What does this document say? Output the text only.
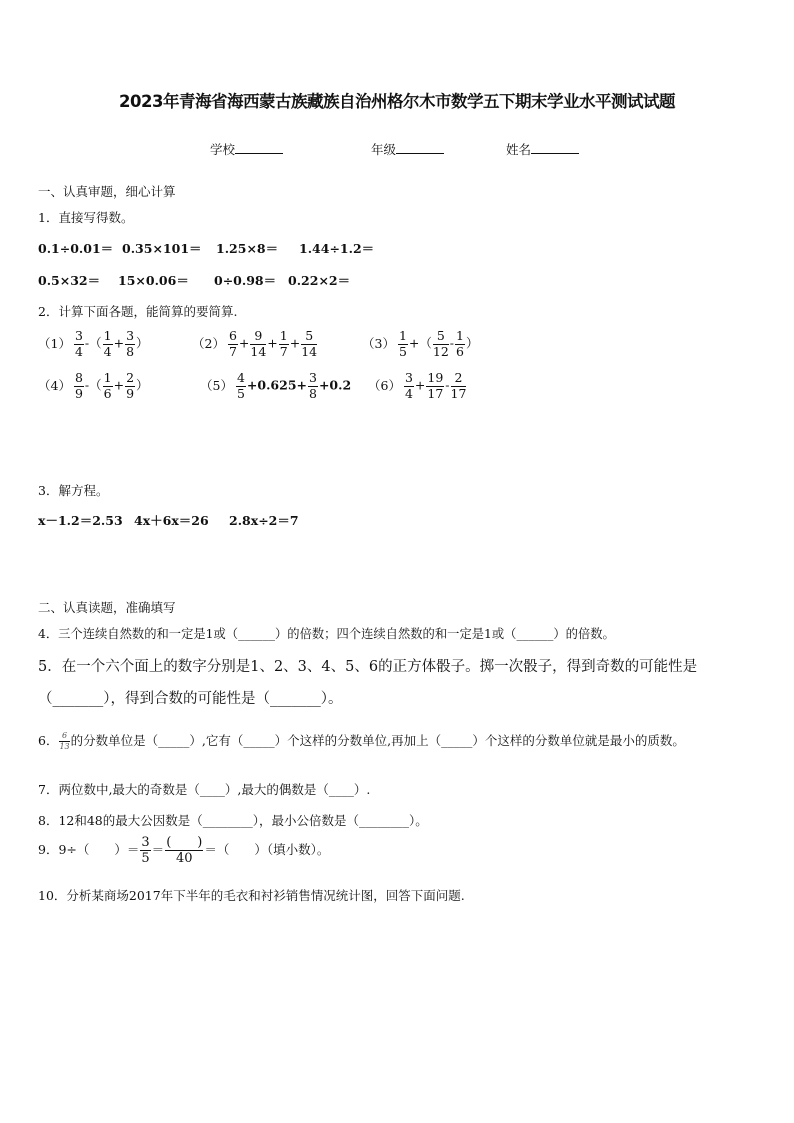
2023年青海省海西蒙古族藏族自治州格尔木市数学五下期末学业水平测试试题
学校	年级	姓名
一、认真审题，细心计算
1．直接写得数。
0.1÷0.01＝ 0.35×101＝ 1.25×8＝ 1.44÷1.2＝
0.5×32＝ 15×0.06＝ 0÷0.98＝ 0.22×2＝
2．计算下面各题，能简算的要简算.
$(1) \frac{3}{4}$ -（ $\frac{1}{4} + \frac{3}{8}$ ）	$(2) \frac{6}{7} + \frac{9}{14} + \frac{1}{7} + \frac{5}{14}$	$(3) \frac{1}{5}$ +（ $\frac{5}{12} - \frac{1}{6}$ ）
$(4) \frac{8}{9}$ -（ $\frac{1}{6} + \frac{2}{9}$ ）	$(5) \frac{4}{5} +0.625+ \frac{3}{8} +0.2$ $(6) \frac{3}{4} + \frac{19}{17} - \frac{2}{17}$
3．解方程。
x－1.2＝2.53 4x＋6x＝26 2.8x÷2＝7
二、认真读题，准确填写
4．三个连续自然数的和一定是1或（______）的倍数；四个连续自然数的和一定是1或（______）的倍数。
5．在一个六个面上的数字分别是1、2、3、4、5、6的正方体骰子。掷一次骰子，得到奇数的可能性是
（_______），得到合数的可能性是（_______）。
6． $\frac{6}{13}$ 的分数单位是（_____）,它有（_____）个这样的分数单位,再加上（_____）个这样的分数单位就是最小的质数。
7．两位数中,最大的奇数是（____）,最大的偶数是（____）.
8．12和48的最大公因数是（________），最小公倍数是（________）。
9．9÷（　　）＝ $\frac{3}{5} = \frac{( )}{40}$ ＝（　　）（填小数）。
10．分析某商场2017年下半年的毛衣和衬衫销售情况统计图，回答下面问题.
